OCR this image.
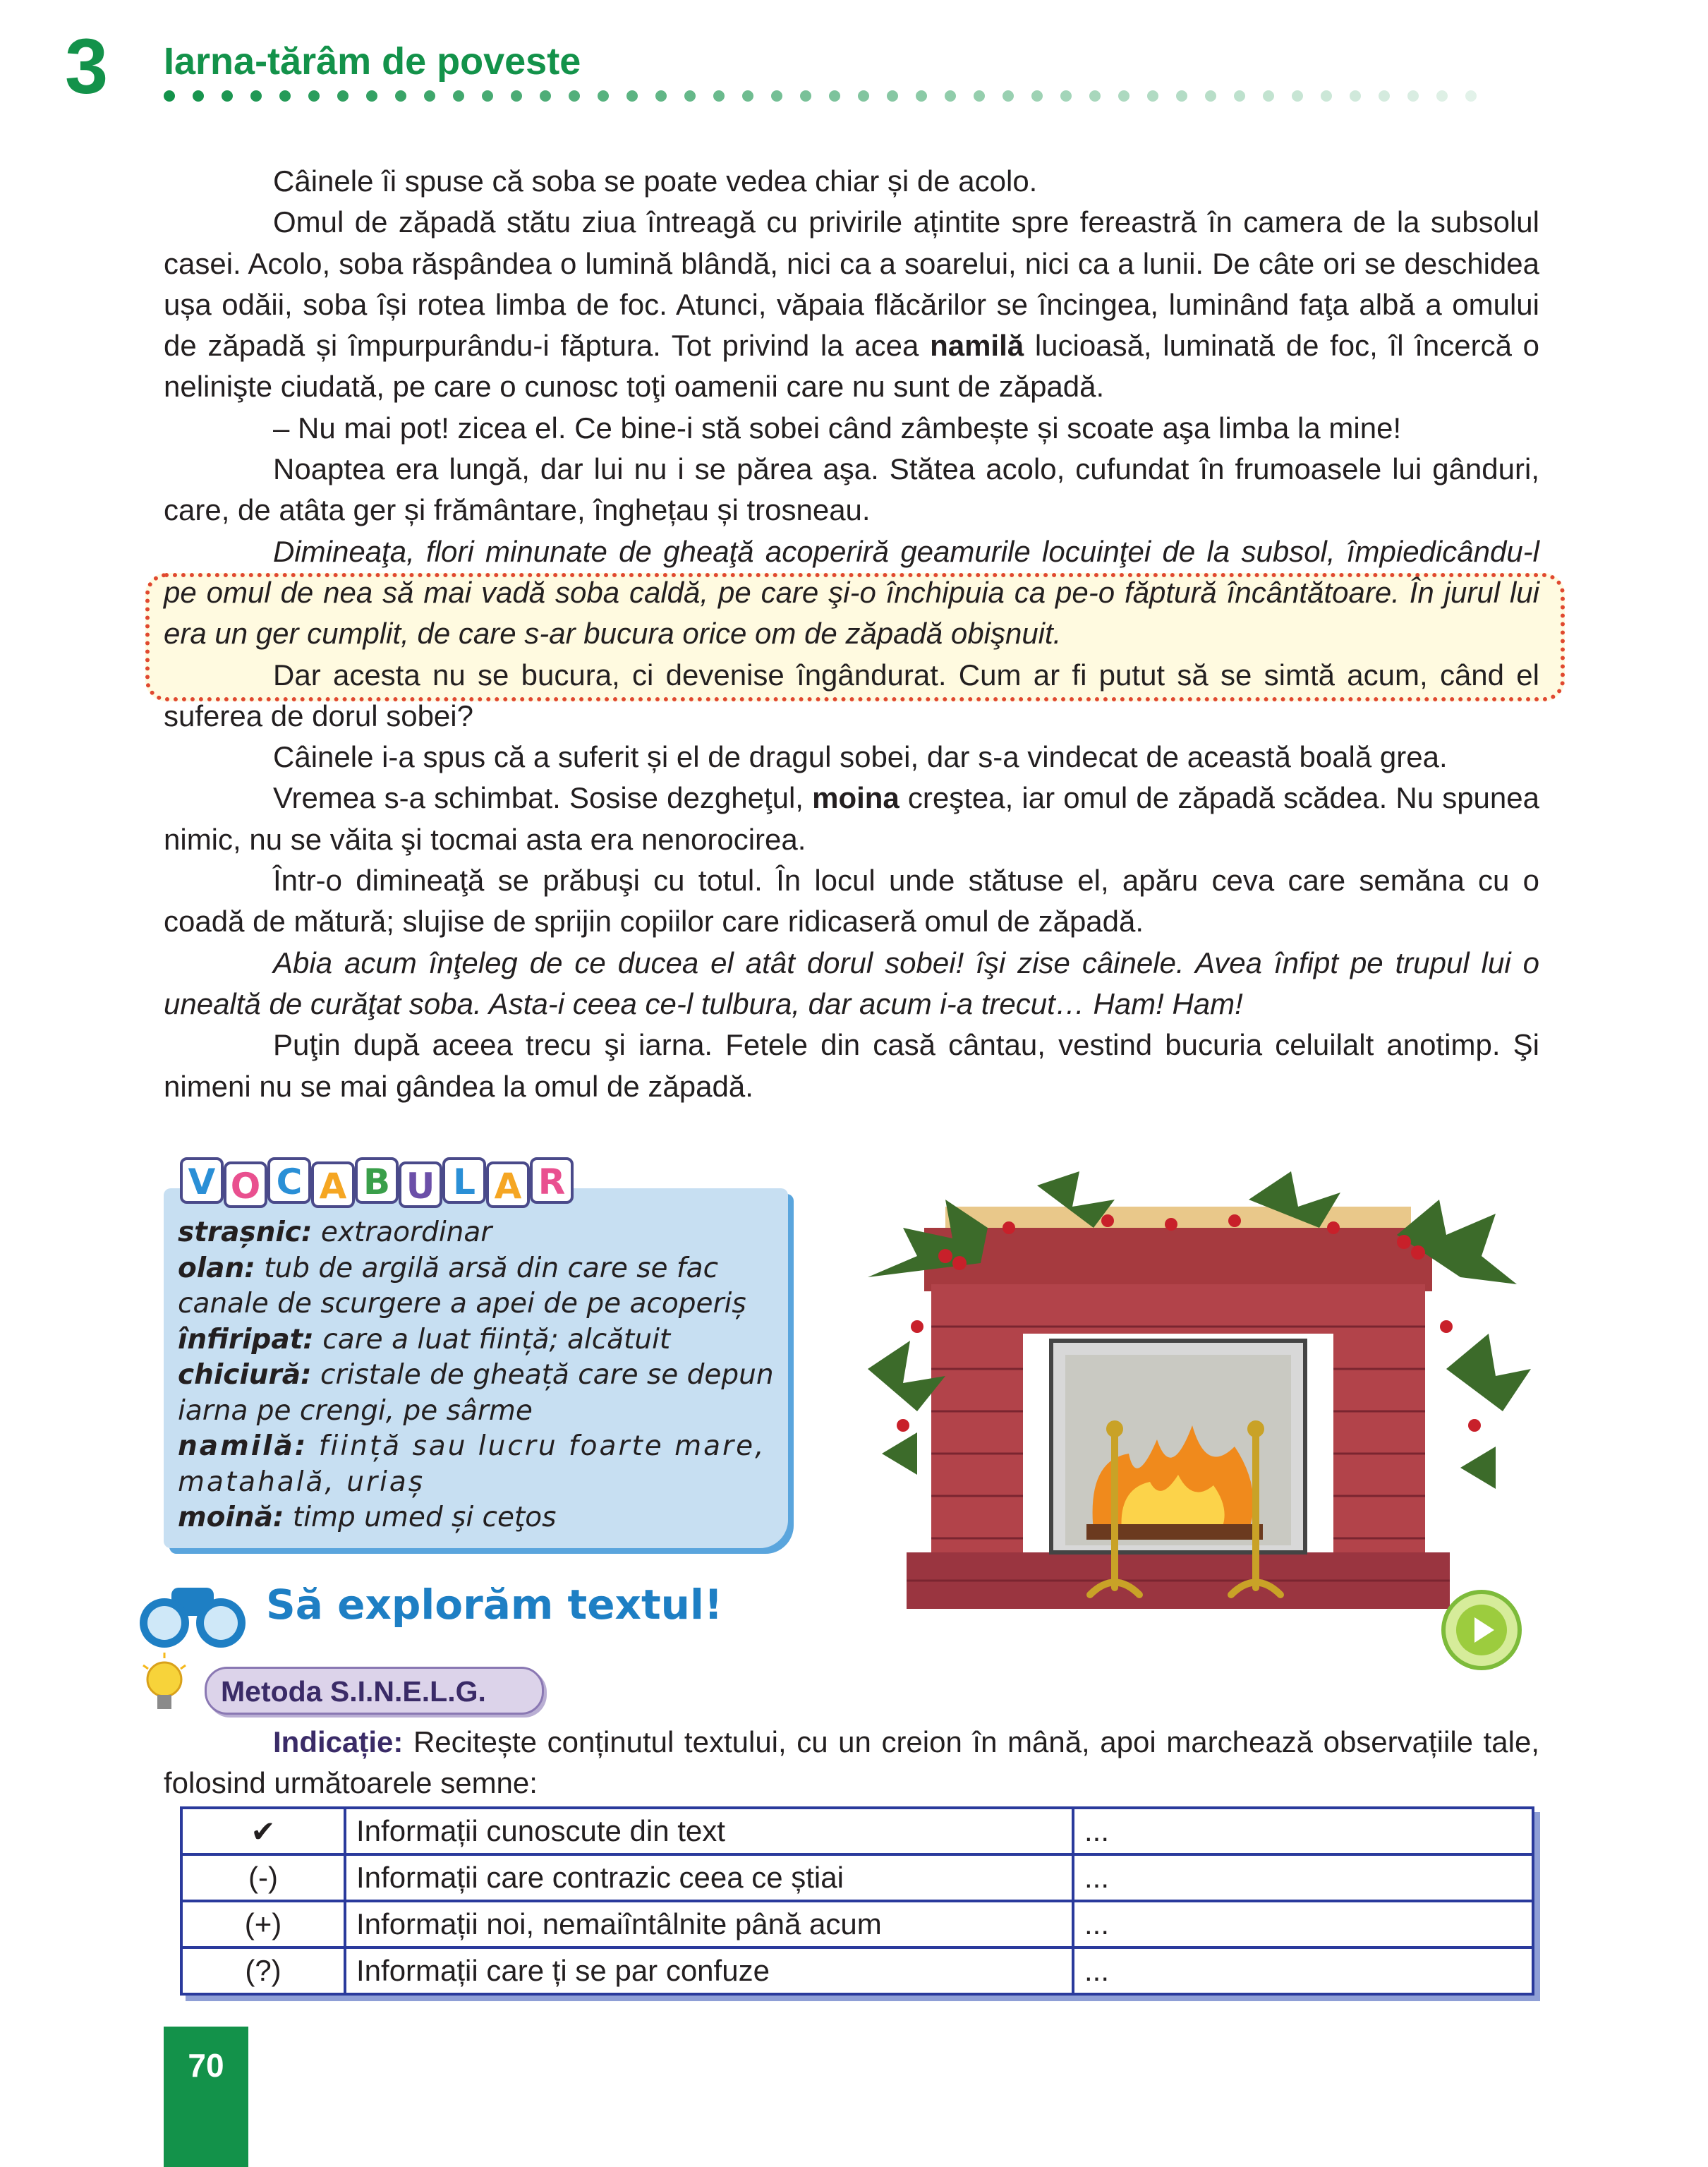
3 Iarna-tărâm de poveste

Câinele îi spuse că soba se poate vedea chiar și de acolo.

Omul de zăpadă stătu ziua întreagă cu privirile ațintite spre fereastră în camera de la subsolul casei. Acolo, soba răspândea o lumină blândă, nici ca a soarelui, nici ca a lunii. De câte ori se deschidea ușa odăii, soba își rotea limba de foc. Atunci, văpaia flăcărilor se încingea, luminând faţa albă a omului de zăpadă și împurpurându-i făptura. Tot privind la acea namilă lucioasă, luminată de foc, îl încercă o nelinişte ciudată, pe care o cunosc toţi oamenii care nu sunt de zăpadă.

– Nu mai pot! zicea el. Ce bine-i stă sobei când zâmbește și scoate aşa limba la mine!

Noaptea era lungă, dar lui nu i se părea aşa. Stătea acolo, cufundat în frumoasele lui gânduri, care, de atâta ger și frământare, înghețau și trosneau.

Dimineaţa, flori minunate de gheaţă acoperiră geamurile locuinţei de la subsol, împiedicându-l pe omul de nea să mai vadă soba caldă, pe care şi-o închipuia ca pe-o făptură încântătoare. În jurul lui era un ger cumplit, de care s-ar bucura orice om de zăpadă obişnuit.

Dar acesta nu se bucura, ci devenise îngândurat. Cum ar fi putut să se simtă acum, când el suferea de dorul sobei?

Câinele i-a spus că a suferit și el de dragul sobei, dar s-a vindecat de această boală grea.

Vremea s-a schimbat. Sosise dezgheţul, moina creştea, iar omul de zăpadă scădea. Nu spunea nimic, nu se văita şi tocmai asta era nenorocirea.

Într-o dimineaţă se prăbuşi cu totul. În locul unde stătuse el, apăru ceva care semăna cu o coadă de mătură; slujise de sprijin copiilor care ridicaseră omul de zăpadă.

Abia acum înţeleg de ce ducea el atât dorul sobei! îşi zise câinele. Avea înfipt pe trupul lui o unealtă de curăţat soba. Asta-i ceea ce-l tulbura, dar acum i-a trecut… Ham! Ham!

Puţin după aceea trecu şi iarna. Fetele din casă cântau, vestind bucuria celuilalt anotimp. Şi nimeni nu se mai gândea la omul de zăpadă.

V O C A B U L A R
strașnic: extraordinar
olan: tub de argilă arsă din care se fac canale de scurgere a apei de pe acoperiș
înfiripat: care a luat ființă; alcătuit
chiciură: cristale de gheață care se depun iarna pe crengi, pe sârme
namilă: ființă sau lucru foarte mare, matahală, uriaș
moină: timp umed și ceţos
Să explorăm textul!
Metoda S.I.N.E.L.G.
Indicație: Recitește conținutul textului, cu un creion în mână, apoi marchează observațiile tale, folosind următoarele semne:
✔	Informații cunoscute din text	...
(-)	Informații care contrazic ceea ce știai	...
(+)	Informații noi, nemaiîntâlnite până acum	...
(?)	Informații care ți se par confuze	...
70
